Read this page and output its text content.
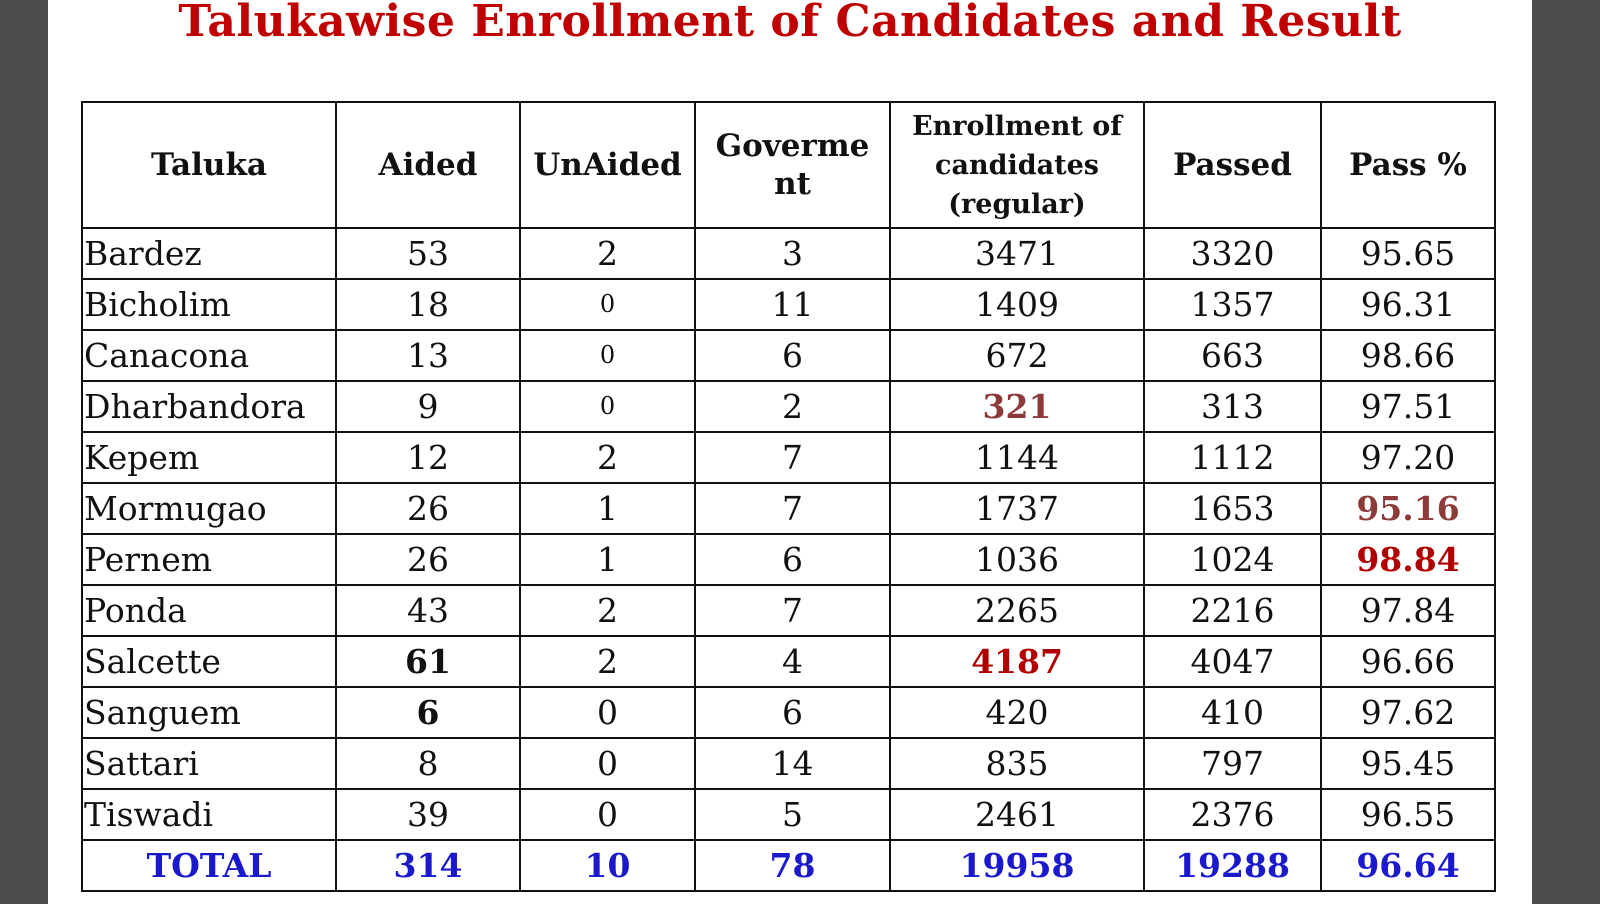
Talukawise Enrollment of Candidates and Result
Taluka	Aided	UnAided	Goverme nt	Enrollment of candidates (regular)	Passed	Pass %
Bardez	53	2	3	3471	3320	95.65
Bicholim	18	0	11	1409	1357	96.31
Canacona	13	0	6	672	663	98.66
Dharbandora	9	0	2	321	313	97.51
Kepem	12	2	7	1144	1112	97.20
Mormugao	26	1	7	1737	1653	95.16
Pernem	26	1	6	1036	1024	98.84
Ponda	43	2	7	2265	2216	97.84
Salcette	61	2	4	4187	4047	96.66
Sanguem	6	0	6	420	410	97.62
Sattari	8	0	14	835	797	95.45
Tiswadi	39	0	5	2461	2376	96.55
TOTAL	314	10	78	19958	19288	96.64
